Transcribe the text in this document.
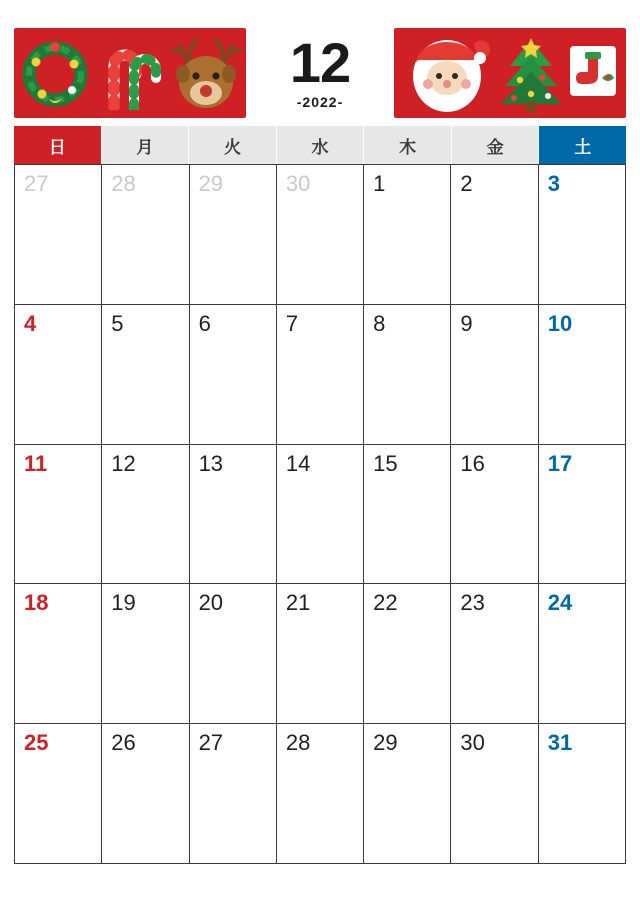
12
-2022-
日	月	火	水	木	金	土
27	28	29	30	1	2	3
4	5	6	7	8	9	10
11	12	13	14	15	16	17
18	19	20	21	22	23	24
25	26	27	28	29	30	31
